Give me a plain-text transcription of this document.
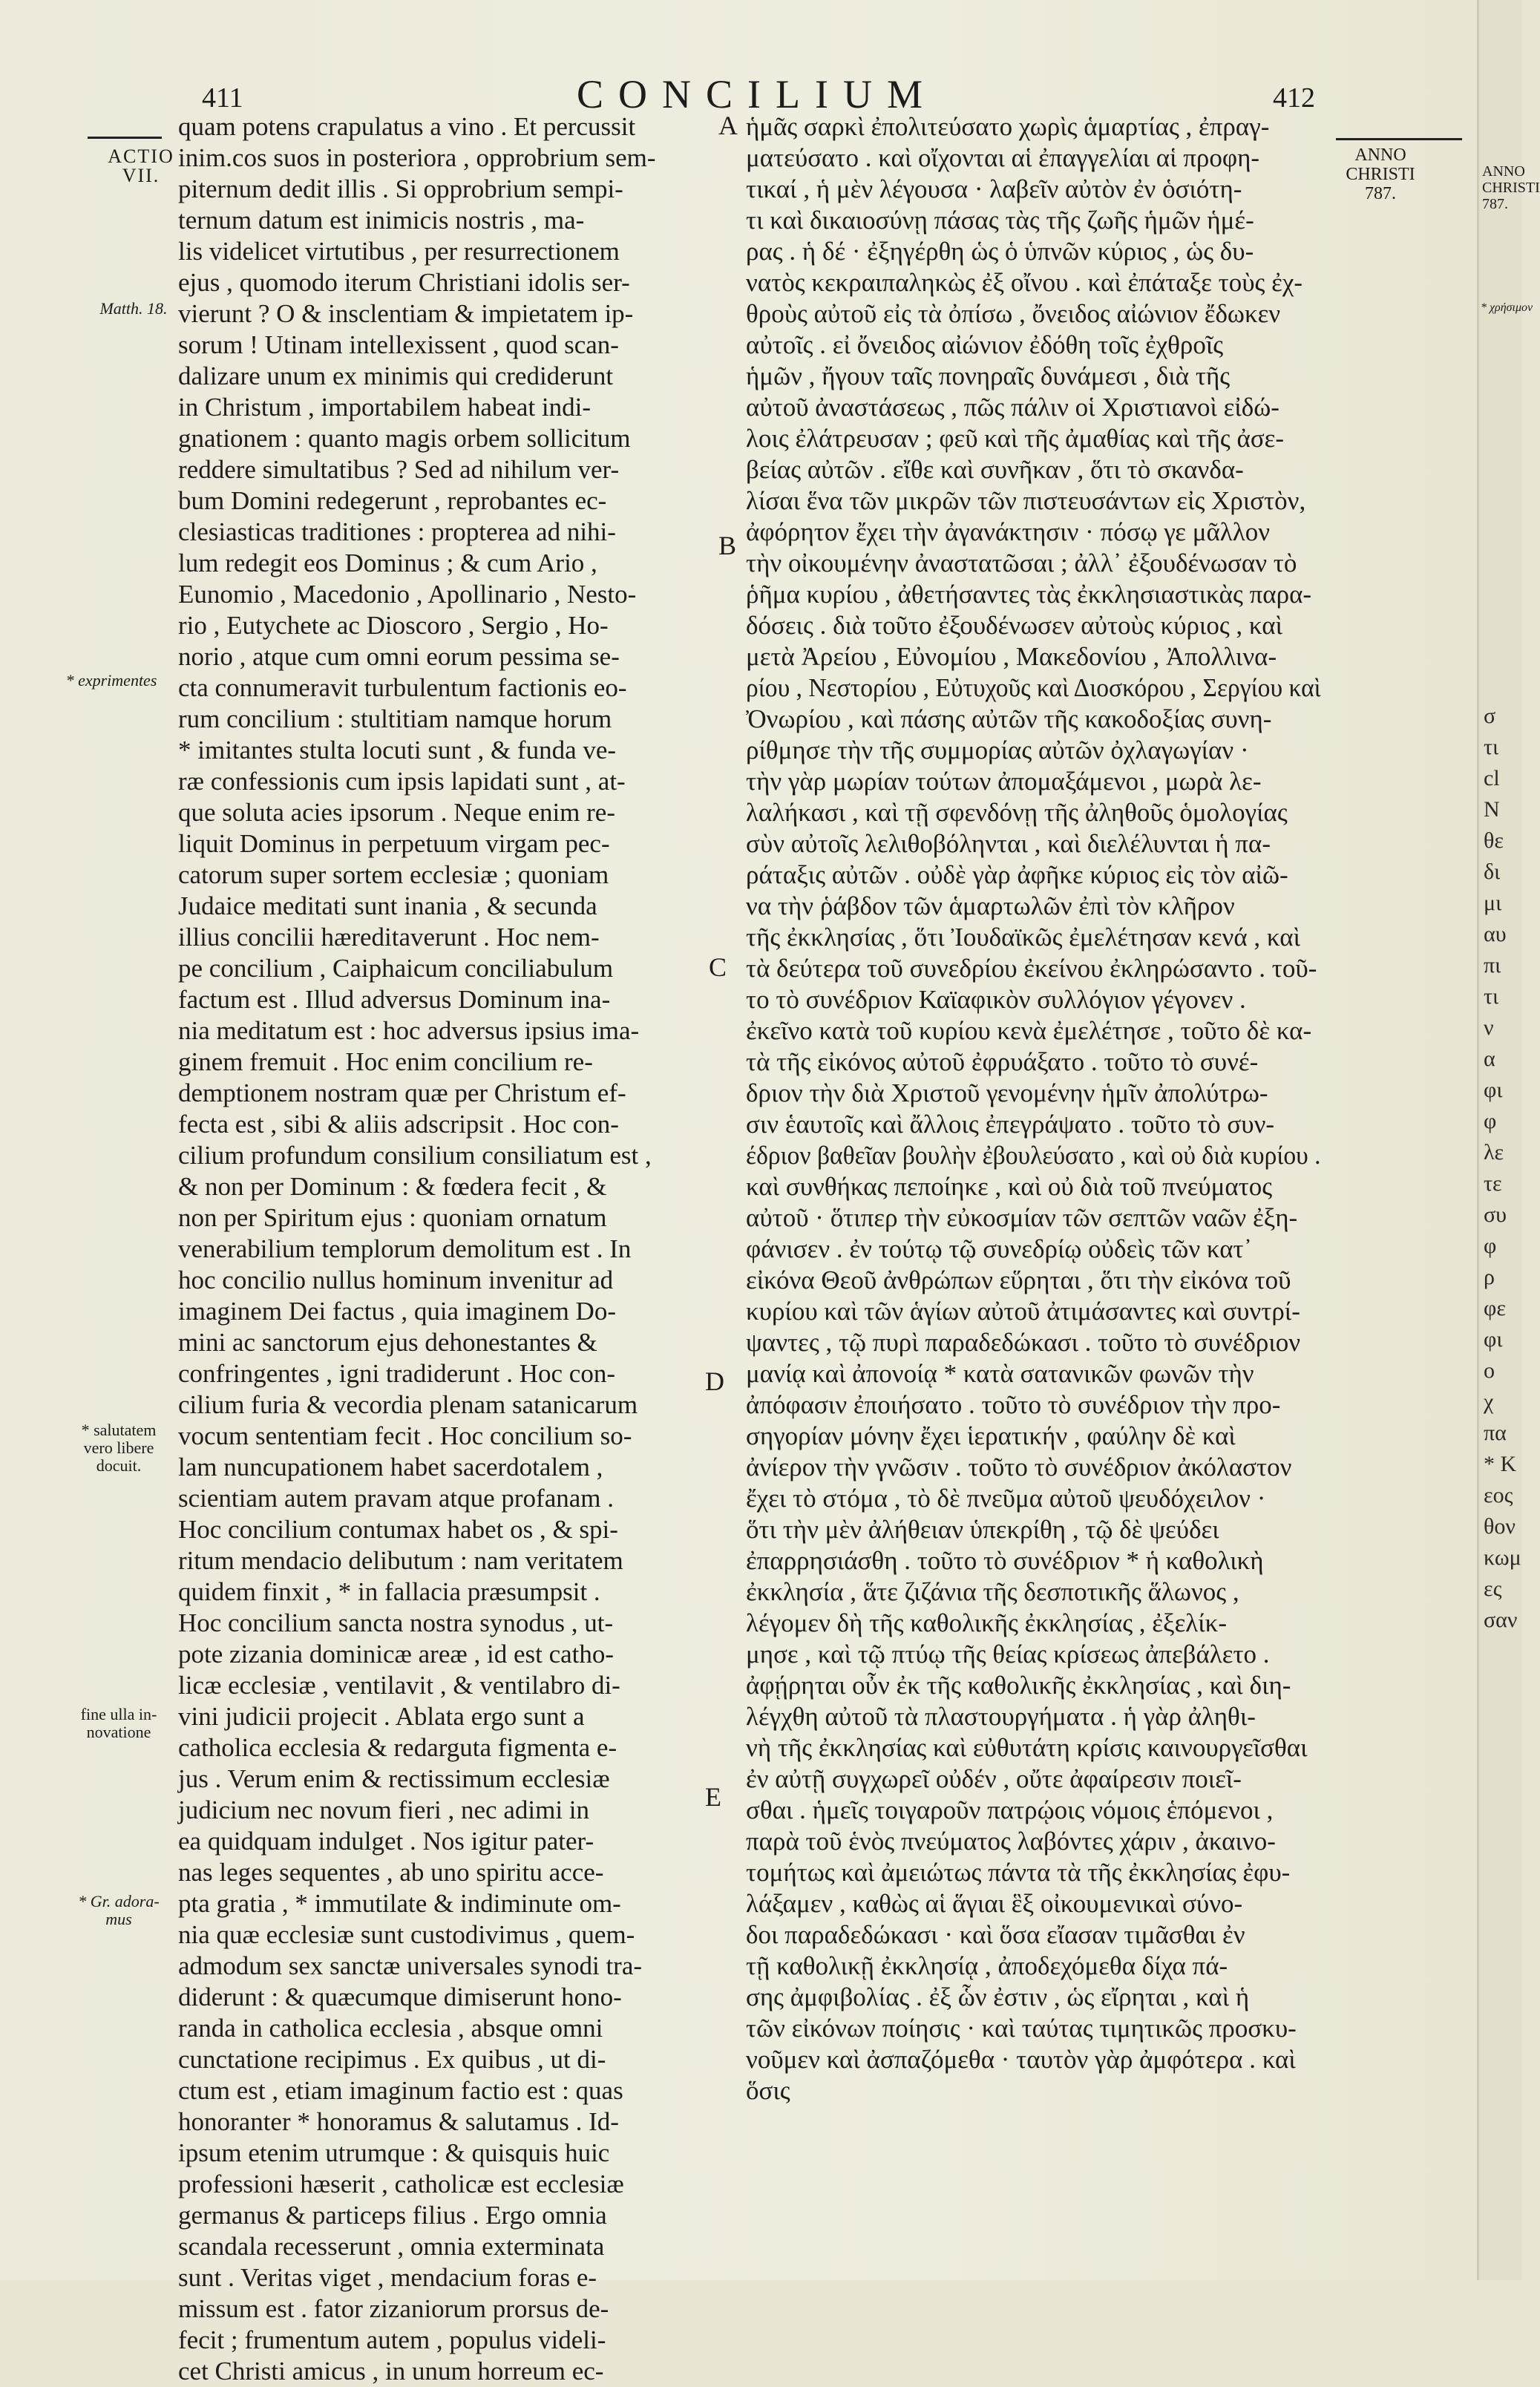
411	CONCILIUM	412
ACTIO
VII.
Matth. 18.
* exprimentes
* salutatem
vero libere
docuit.
fine ulla in-
novatione
* Gr. adora-
mus
ANNO
CHRISTI
787.
quam potens crapulatus a vino . Et percussit
inim.cos suos in posteriora , opprobrium sem-
piternum dedit illis . Si opprobrium sempi-
ternum datum est inimicis nostris , ma-
lis videlicet virtutibus , per resurrectionem
ejus , quomodo iterum Christiani idolis ser-
vierunt ? O & insclentiam & impietatem ip-
sorum ! Utinam intellexissent , quod scan-
dalizare unum ex minimis qui crediderunt
in Christum , importabilem habeat indi-
gnationem : quanto magis orbem sollicitum
reddere simultatibus ? Sed ad nihilum ver-
bum Domini redegerunt , reprobantes ec-
clesiasticas traditiones : propterea ad nihi-
lum redegit eos Dominus ; & cum Ario ,
Eunomio , Macedonio , Apollinario , Nesto-
rio , Eutychete ac Dioscoro , Sergio , Ho-
norio , atque cum omni eorum pessima se-
cta connumeravit turbulentum factionis eo-
rum concilium : stultitiam namque horum
* imitantes stulta locuti sunt , & funda ve-
ræ confessionis cum ipsis lapidati sunt , at-
que soluta acies ipsorum . Neque enim re-
liquit Dominus in perpetuum virgam pec-
catorum super sortem ecclesiæ ; quoniam
Judaice meditati sunt inania , & secunda
illius concilii hæreditaverunt . Hoc nem-
pe concilium , Caiphaicum conciliabulum
factum est . Illud adversus Dominum ina-
nia meditatum est : hoc adversus ipsius ima-
ginem fremuit . Hoc enim concilium re-
demptionem nostram quæ per Christum ef-
fecta est , sibi & aliis adscripsit . Hoc con-
cilium profundum consilium consiliatum est ,
& non per Dominum : & fœdera fecit , &
non per Spiritum ejus : quoniam ornatum
venerabilium templorum demolitum est . In
hoc concilio nullus hominum invenitur ad
imaginem Dei factus , quia imaginem Do-
mini ac sanctorum ejus dehonestantes &
confringentes , igni tradiderunt . Hoc con-
cilium furia & vecordia plenam satanicarum
vocum sententiam fecit . Hoc concilium so-
lam nuncupationem habet sacerdotalem ,
scientiam autem pravam atque profanam .
Hoc concilium contumax habet os , & spi-
ritum mendacio delibutum : nam veritatem
quidem finxit , * in fallacia præsumpsit .
Hoc concilium sancta nostra synodus , ut-
pote zizania dominicæ areæ , id est catho-
licæ ecclesiæ , ventilavit , & ventilabro di-
vini judicii projecit . Ablata ergo sunt a
catholica ecclesia & redarguta figmenta e-
jus . Verum enim & rectissimum ecclesiæ
judicium nec novum fieri , nec adimi in
ea quidquam indulget . Nos igitur pater-
nas leges sequentes , ab uno spiritu acce-
pta gratia , * immutilate & indiminute om-
nia quæ ecclesiæ sunt custodivimus , quem-
admodum sex sanctæ universales synodi tra-
diderunt : & quæcumque dimiserunt hono-
randa in catholica ecclesia , absque omni
cunctatione recipimus . Ex quibus , ut di-
ctum est , etiam imaginum factio est : quas
honoranter * honoramus & salutamus . Id-
ipsum etenim utrumque : & quisquis huic
professioni hæserit , catholicæ est ecclesiæ
germanus & particeps filius . Ergo omnia
scandala recesserunt , omnia exterminata
sunt . Veritas viget , mendacium foras e-
missum est . fator zizaniorum prorsus de-
fecit ; frumentum autem , populus videli-
cet Christi amicus , in unum horreum ec-
A
B
C
D
E
ἡμᾶς σαρκὶ ἐπολιτεύσατο χωρὶς ἁμαρτίας , ἐπραγ-
ματεύσατο . καὶ οἴχονται αἱ ἐπαγγελίαι αἱ προφη-
τικαί , ἡ μὲν λέγουσα · λαβεῖν αὐτὸν ἐν ὁσιότη-
τι καὶ δικαιοσύνῃ πάσας τὰς τῆς ζωῆς ἡμῶν ἡμέ-
ρας . ἡ δέ · ἐξηγέρθη ὡς ὁ ὑπνῶν κύριος , ὡς δυ-
νατὸς κεκραιπαληκὼς ἐξ οἴνου . καὶ ἐπάταξε τοὺς ἐχ-
θροὺς αὐτοῦ εἰς τὰ ὀπίσω , ὄνειδος αἰώνιον ἔδωκεν
αὐτοῖς . εἰ ὄνειδος αἰώνιον ἐδόθη τοῖς ἐχθροῖς
ἡμῶν , ἤγουν ταῖς πονηραῖς δυνάμεσι , διὰ τῆς
αὐτοῦ ἀναστάσεως , πῶς πάλιν οἱ Χριστιανοὶ εἰδώ-
λοις ἐλάτρευσαν ; φεῦ καὶ τῆς ἀμαθίας καὶ τῆς ἀσε-
βείας αὐτῶν . εἴθε καὶ συνῆκαν , ὅτι τὸ σκανδα-
λίσαι ἕνα τῶν μικρῶν τῶν πιστευσάντων εἰς Χριστὸν,
ἀφόρητον ἔχει τὴν ἀγανάκτησιν · πόσῳ γε μᾶλλον
τὴν οἰκουμένην ἀναστατῶσαι ; ἀλλ᾽ ἐξουδένωσαν τὸ
ῥῆμα κυρίου , ἀθετήσαντες τὰς ἐκκλησιαστικὰς παρα-
δόσεις . διὰ τοῦτο ἐξουδένωσεν αὐτοὺς κύριος , καὶ
μετὰ Ἀρείου , Εὐνομίου , Μακεδονίου , Ἀπολλινα-
ρίου , Νεστορίου , Εὐτυχοῦς καὶ Διοσκόρου , Σεργίου καὶ
Ὀνωρίου , καὶ πάσης αὐτῶν τῆς κακοδοξίας συνη-
ρίθμησε τὴν τῆς συμμορίας αὐτῶν ὀχλαγωγίαν ·
τὴν γὰρ μωρίαν τούτων ἀπομαξάμενοι , μωρὰ λε-
λαλήκασι , καὶ τῇ σφενδόνῃ τῆς ἀληθοῦς ὁμολογίας
σὺν αὐτοῖς λελιθοβόληνται , καὶ διελέλυνται ἡ πα-
ράταξις αὐτῶν . οὐδὲ γὰρ ἀφῆκε κύριος εἰς τὸν αἰῶ-
να τὴν ῥάβδον τῶν ἁμαρτωλῶν ἐπὶ τὸν κλῆρον
τῆς ἐκκλησίας , ὅτι Ἰουδαϊκῶς ἐμελέτησαν κενά , καὶ
τὰ δεύτερα τοῦ συνεδρίου ἐκείνου ἐκληρώσαντο . τοῦ-
το τὸ συνέδριον Καϊαφικὸν συλλόγιον γέγονεν .
ἐκεῖνο κατὰ τοῦ κυρίου κενὰ ἐμελέτησε , τοῦτο δὲ κα-
τὰ τῆς εἰκόνος αὐτοῦ ἐφρυάξατο . τοῦτο τὸ συνέ-
δριον τὴν διὰ Χριστοῦ γενομένην ἡμῖν ἀπολύτρω-
σιν ἑαυτοῖς καὶ ἄλλοις ἐπεγράψατο . τοῦτο τὸ συν-
έδριον βαθεῖαν βουλὴν ἐβουλεύσατο , καὶ οὐ διὰ κυρίου .
καὶ συνθήκας πεποίηκε , καὶ οὐ διὰ τοῦ πνεύματος
αὐτοῦ · ὅτιπερ τὴν εὐκοσμίαν τῶν σεπτῶν ναῶν ἐξη-
φάνισεν . ἐν τούτῳ τῷ συνεδρίῳ οὐδεὶς τῶν κατ᾽
εἰκόνα Θεοῦ ἀνθρώπων εὕρηται , ὅτι τὴν εἰκόνα τοῦ
κυρίου καὶ τῶν ἁγίων αὐτοῦ ἀτιμάσαντες καὶ συντρί-
ψαντες , τῷ πυρὶ παραδεδώκασι . τοῦτο τὸ συνέδριον
μανίᾳ καὶ ἀπονοίᾳ * κατὰ σατανικῶν φωνῶν τὴν
ἀπόφασιν ἐποιήσατο . τοῦτο τὸ συνέδριον τὴν προ-
σηγορίαν μόνην ἔχει ἱερατικήν , φαύλην δὲ καὶ
ἀνίερον τὴν γνῶσιν . τοῦτο τὸ συνέδριον ἀκόλαστον
ἔχει τὸ στόμα , τὸ δὲ πνεῦμα αὐτοῦ ψευδόχειλον ·
ὅτι τὴν μὲν ἀλήθειαν ὑπεκρίθη , τῷ δὲ ψεύδει
ἐπαρρησιάσθη . τοῦτο τὸ συνέδριον * ἡ καθολικὴ
ἐκκλησία , ἅτε ζιζάνια τῆς δεσποτικῆς ἅλωνος ,
λέγομεν δὴ τῆς καθολικῆς ἐκκλησίας , ἐξελίκ-
μησε , καὶ τῷ πτύῳ τῆς θείας κρίσεως ἀπεβάλετο .
ἀφῄρηται οὖν ἐκ τῆς καθολικῆς ἐκκλησίας , καὶ διη-
λέγχθη αὐτοῦ τὰ πλαστουργήματα . ἡ γὰρ ἀληθι-
νὴ τῆς ἐκκλησίας καὶ εὐθυτάτη κρίσις καινουργεῖσθαι
ἐν αὐτῇ συγχωρεῖ οὐδέν , οὔτε ἀφαίρεσιν ποιεῖ-
σθαι . ἡμεῖς τοιγαροῦν πατρῴοις νόμοις ἑπόμενοι ,
παρὰ τοῦ ἑνὸς πνεύματος λαβόντες χάριν , ἀκαινο-
τομήτως καὶ ἀμειώτως πάντα τὰ τῆς ἐκκλησίας ἐφυ-
λάξαμεν , καθὼς αἱ ἅγιαι ἓξ οἰκουμενικαὶ σύνο-
δοι παραδεδώκασι · καὶ ὅσα εἴασαν τιμᾶσθαι ἐν
τῇ καθολικῇ ἐκκλησίᾳ , ἀποδεχόμεθα δίχα πά-
σης ἀμφιβολίας . ἐξ ὧν ἐστιν , ὡς εἴρηται , καὶ ἡ
τῶν εἰκόνων ποίησις · καὶ ταύτας τιμητικῶς προσκυ-
νοῦμεν καὶ ἀσπαζόμεθα · ταυτὸν γὰρ ἀμφότερα . καὶ
ὅσις
ANNO
CHRISTI
787.
* χρήσιμον
σ
τι
cl
N
θε
δι
μι
αυ
πι
τι
ν
α
φι
φ
λε
τε
συ
φ
ρ
φε
φι
ο
χ
πα
* Κ
εος
θον
κωμ
ες
σαν
